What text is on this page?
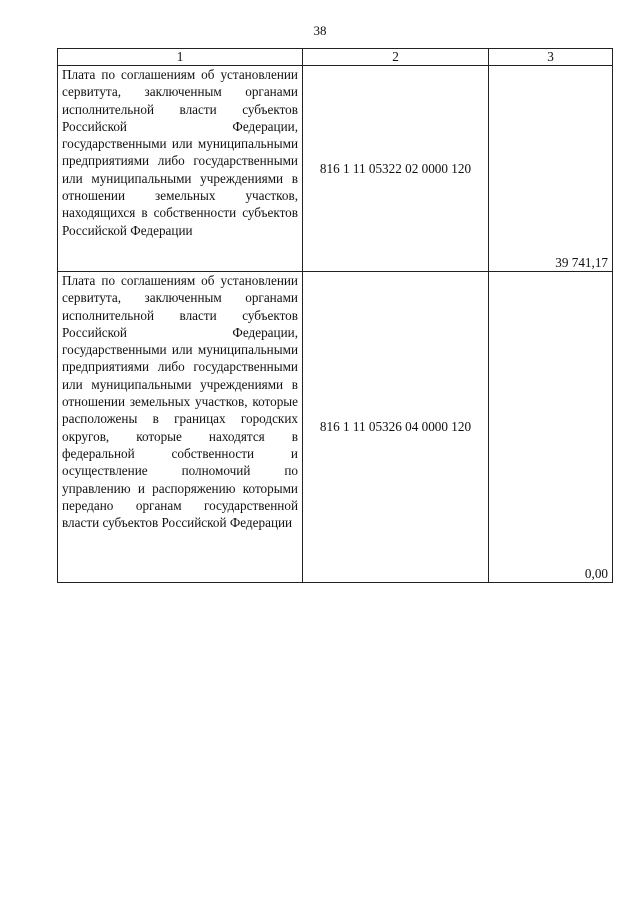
38
1	2	3
Плата по соглашениям об установлении сервитута, заключенным органами исполнительной власти субъектов Российской Федерации, государственными или муниципальными предприятиями либо государственными или муниципальными учреждениями в отношении земельных участков, находящихся в собственности субъектов Российской Федерации	816 1 11 05322 02 0000 120	39 741,17
Плата по соглашениям об установлении сервитута, заключенным органами исполнительной власти субъектов Российской Федерации, государственными или муниципальными предприятиями либо государственными или муниципальными учреждениями в отношении земельных участков, которые расположены в границах городских округов, которые находятся в федеральной собственности и осуществление полномочий по управлению и распоряжению которыми передано органам государственной власти субъектов Российской Федерации	816 1 11 05326 04 0000 120	0,00
